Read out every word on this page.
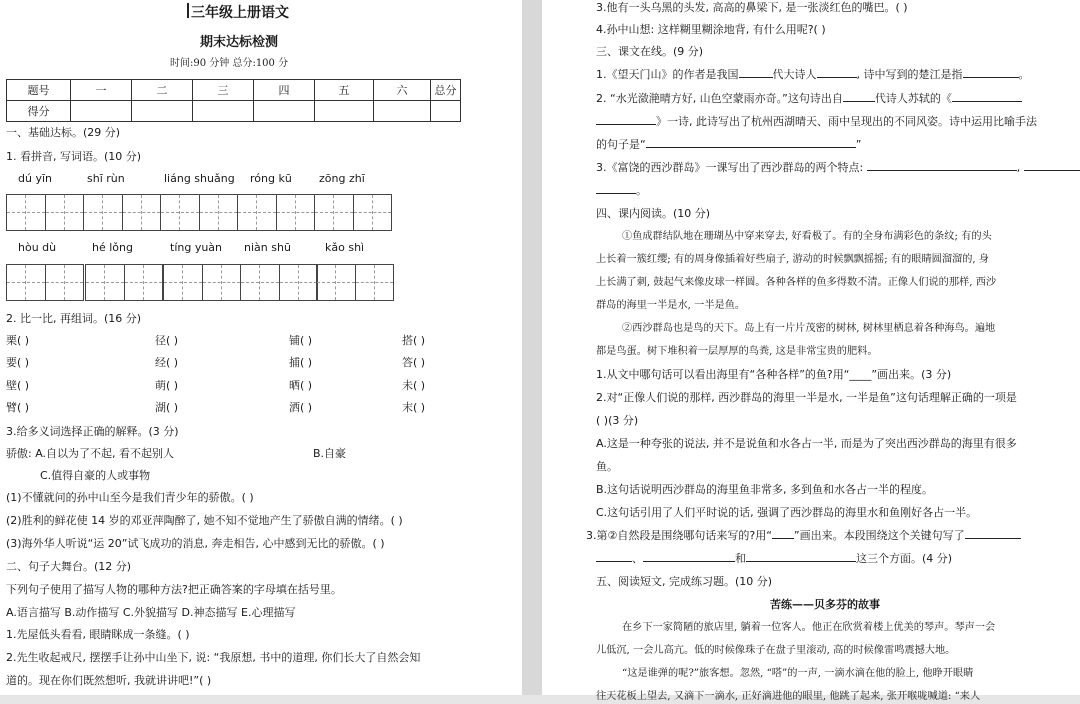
三年级上册语文
期末达标检测
时间:90 分钟 总分:100 分
题号	一	二	三	四	五	六	总分
得分							
一、基础达标。(29 分)
1. 看拼音, 写词语。(10 分)
dú yīn	shī rùn	liáng shuǎng róng kū zōng zhī
hòu dù	hé lǒng	tíng yuàn niàn shū	kǎo shì
2. 比一比, 再组词。(16 分)
栗( )	径( )	铺( )	搭( )
要( )	经( )	捕( )	答( )
壁( )	萌( )	晒( )	未( )
臂( )	湖( )	洒( )	末( )
3.给多义词选择正确的解释。(3 分)
骄傲: A.自以为了不起, 看不起别人	B.自豪
C.值得自豪的人或事物
(1)不懂就问的孙中山至今是我们青少年的骄傲。( )
(2)胜利的鲜花使 14 岁的邓亚萍陶醉了, 她不知不觉地产生了骄傲自满的情绪。( )
(3)海外华人听说“运 20”试飞成功的消息, 奔走相告, 心中感到无比的骄傲。( )
二、句子大舞台。(12 分)
下列句子使用了描写人物的哪种方法?把正确答案的字母填在括号里。
A.语言描写 B.动作描写 C.外貌描写 D.神态描写 E.心理描写
1.先屋低头看看, 眼睛眯成一条缝。( )
2.先生收起戒尺, 摆摆手让孙中山坐下, 说: “我原想, 书中的道理, 你们长大了自然会知
道的。现在你们既然想听, 我就讲讲吧!”( )
3.他有一头乌黑的头发, 高高的鼻梁下, 是一张淡红色的嘴巴。( )
4.孙中山想: 这样糊里糊涂地背, 有什么用呢?( )
三、课文在线。(9 分)
1.《望天门山》的作者是我国	代大诗人	, 诗中写到的楚江是指	。
2. “水光潋滟晴方好, 山色空蒙雨亦奇。”这句诗出自	代诗人苏轼的《
》一诗, 此诗写出了杭州西湖晴天、雨中呈现出的不同风姿。诗中运用比喻手法
的句子是“	”
3.《富饶的西沙群岛》一课写出了西沙群岛的两个特点:	,
。
四、课内阅读。(10 分)
①鱼成群结队地在珊瑚丛中穿来穿去, 好看极了。有的全身布满彩色的条纹; 有的头
上长着一簇红缨; 有的周身像插着好些扇子, 游动的时候飘飘摇摇; 有的眼睛圆溜溜的, 身
上长满了刺, 鼓起气来像皮球一样圆。各种各样的鱼多得数不清。正像人们说的那样, 西沙
群岛的海里一半是水, 一半是鱼。
②西沙群岛也是鸟的天下。岛上有一片片茂密的树林, 树林里栖息着各种海鸟。遍地
都是鸟蛋。树下堆积着一层厚厚的鸟粪, 这是非常宝贵的肥料。
1.从文中哪句话可以看出海里有“各种各样”的鱼?用“____”画出来。(3 分)
2.对“正像人们说的那样, 西沙群岛的海里一半是水, 一半是鱼”这句话理解正确的一项是
( )(3 分)
A.这是一种夸张的说法, 并不是说鱼和水各占一半, 而是为了突出西沙群岛的海里有很多
鱼。
B.这句话说明西沙群岛的海里鱼非常多, 多到鱼和水各占一半的程度。
C.这句话引用了人们平时说的话, 强调了西沙群岛的海里水和鱼刚好各占一半。
3.第②自然段是围绕哪句话来写的?用“ ”画出来。本段围绕这个关键句写了
、	和	这三个方面。(4 分)
五、阅读短文, 完成练习题。(10 分)
苦练——贝多芬的故事
在乡下一家简陋的旅店里, 躺着一位客人。他正在欣赏着楼上优美的琴声。琴声一会
儿低沉, 一会儿高亢。低的时候像珠子在盘子里滚动, 高的时候像雷鸣震撼大地。
“这是谁弹的呢?”旅客想。忽然, “嗒”的一声, 一滴水滴在他的脸上, 他睁开眼睛
往天花板上望去, 又滴下一滴水, 正好滴进他的眼里, 他跳了起来, 张开喉咙喊道: “来人
